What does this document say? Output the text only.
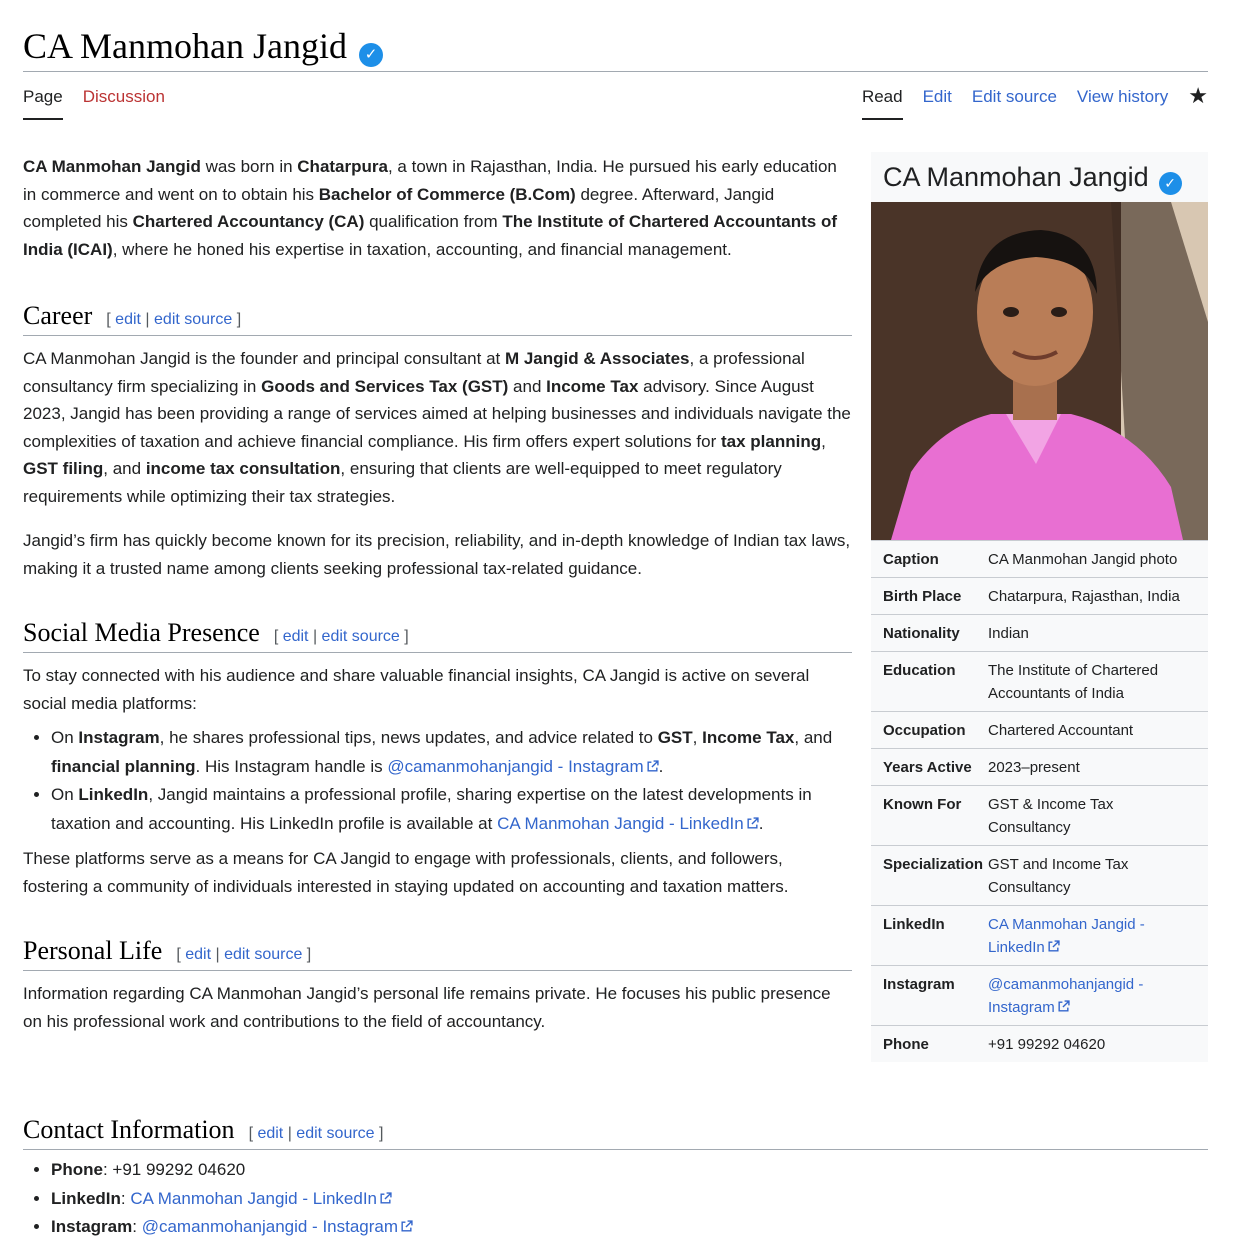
CA Manmohan Jangid	✓
Page Discussion	Read Edit Edit source View history ★

CA Manmohan Jangid was born in Chatarpura, a town in Rajasthan, India. He pursued his early education in commerce and went on to obtain his Bachelor of Commerce (B.Com) degree. Afterward, Jangid completed his Chartered Accountancy (CA) qualification from The Institute of Chartered Accountants of India (ICAI), where he honed his expertise in taxation, accounting, and financial management.

Career [ edit | edit source ]

CA Manmohan Jangid is the founder and principal consultant at M Jangid & Associates, a professional consultancy firm specializing in Goods and Services Tax (GST) and Income Tax advisory. Since August 2023, Jangid has been providing a range of services aimed at helping businesses and individuals navigate the complexities of taxation and achieve financial compliance. His firm offers expert solutions for tax planning, GST filing, and income tax consultation, ensuring that clients are well-equipped to meet regulatory requirements while optimizing their tax strategies.

Jangid’s firm has quickly become known for its precision, reliability, and in-depth knowledge of Indian tax laws, making it a trusted name among clients seeking professional tax-related guidance.

Social Media Presence [ edit | edit source ]

To stay connected with his audience and share valuable financial insights, CA Jangid is active on several social media platforms:

• On Instagram, he shares professional tips, news updates, and advice related to GST, Income Tax, and financial planning. His Instagram handle is @camanmohanjangid - Instagram .
• On LinkedIn, Jangid maintains a professional profile, sharing expertise on the latest developments in taxation and accounting. His LinkedIn profile is available at CA Manmohan Jangid - LinkedIn .

These platforms serve as a means for CA Jangid to engage with professionals, clients, and followers, fostering a community of individuals interested in staying updated on accounting and taxation matters.

Personal Life [ edit | edit source ]

Information regarding CA Manmohan Jangid’s personal life remains private. He focuses his public presence on his professional work and contributions to the field of accountancy.

CA Manmohan Jangid ✓
Caption	CA Manmohan Jangid photo
Birth Place	Chatarpura, Rajasthan, India
Nationality	Indian
Education	The Institute of Chartered Accountants of India
Occupation	Chartered Accountant
Years Active	2023–present
Known For	GST & Income Tax Consultancy
Specialization GST and Income Tax Consultancy
LinkedIn	CA Manmohan Jangid - LinkedIn
Instagram	@camanmohanjangid - Instagram
Phone	+91 99292 04620
Contact Information [ edit | edit source ]
• Phone: +91 99292 04620
• LinkedIn: CA Manmohan Jangid - LinkedIn
• Instagram: @camanmohanjangid - Instagram
